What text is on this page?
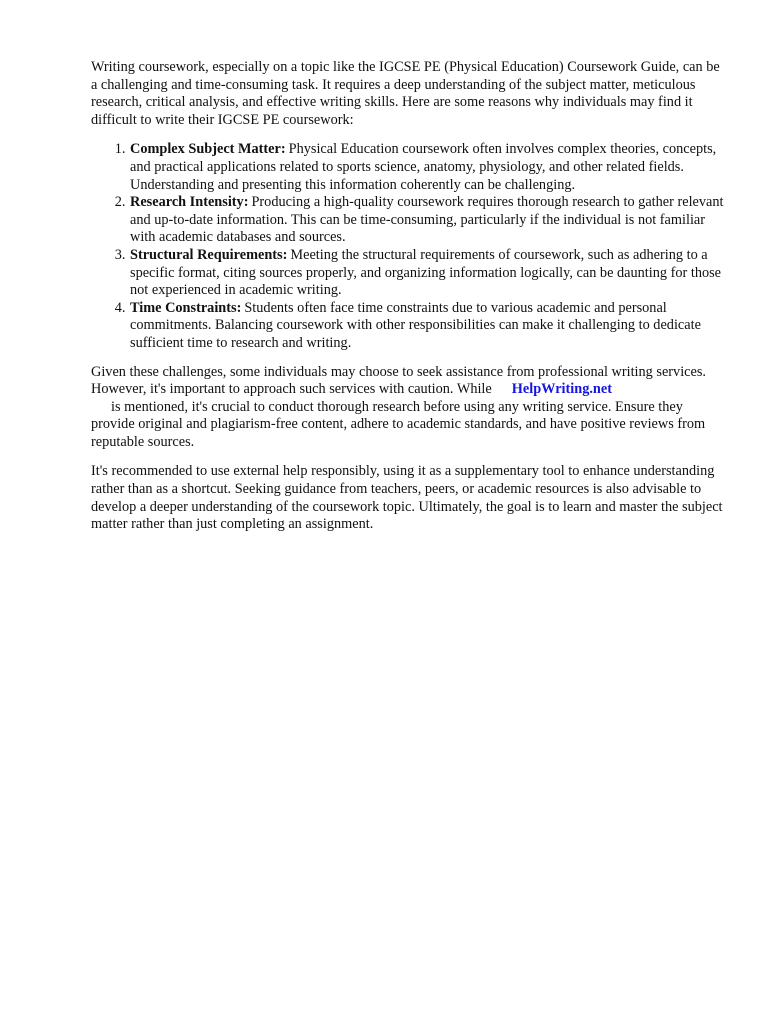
Writing coursework, especially on a topic like the IGCSE PE (Physical Education) Coursework Guide, can be a challenging and time-consuming task. It requires a deep understanding of the subject matter, meticulous research, critical analysis, and effective writing skills. Here are some reasons why individuals may find it difficult to write their IGCSE PE coursework:

1. Complex Subject Matter: Physical Education coursework often involves complex theories, concepts, and practical applications related to sports science, anatomy, physiology, and other related fields. Understanding and presenting this information coherently can be challenging.
2. Research Intensity: Producing a high-quality coursework requires thorough research to gather relevant and up-to-date information. This can be time-consuming, particularly if the individual is not familiar with academic databases and sources.
3. Structural Requirements: Meeting the structural requirements of coursework, such as adhering to a specific format, citing sources properly, and organizing information logically, can be daunting for those not experienced in academic writing.
4. Time Constraints: Students often face time constraints due to various academic and personal commitments. Balancing coursework with other responsibilities can make it challenging to dedicate sufficient time to research and writing.

Given these challenges, some individuals may choose to seek assistance from professional writing services. However, it's important to approach such services with caution. While HelpWriting.net
is mentioned, it's crucial to conduct thorough research before using any writing service. Ensure they provide original and plagiarism-free content, adhere to academic standards, and have positive reviews from reputable sources.

It's recommended to use external help responsibly, using it as a supplementary tool to enhance understanding rather than as a shortcut. Seeking guidance from teachers, peers, or academic resources is also advisable to develop a deeper understanding of the coursework topic. Ultimately, the goal is to learn and master the subject matter rather than just completing an assignment.
